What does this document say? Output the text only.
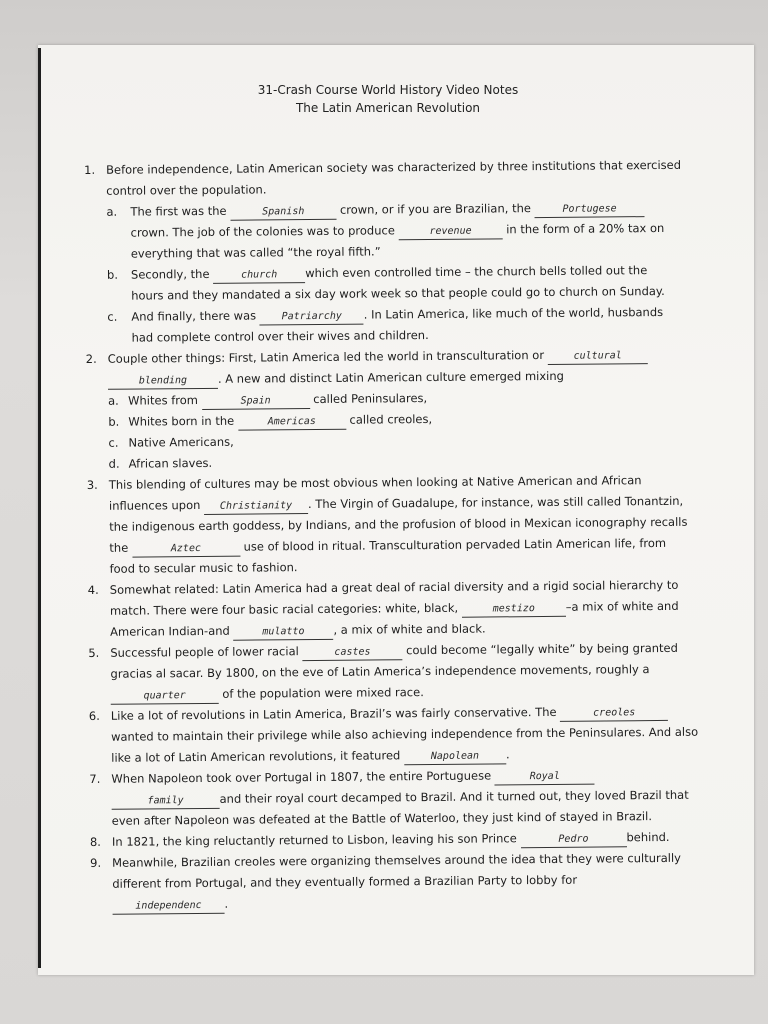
31-Crash Course World History Video Notes
The Latin American Revolution
1. Before independence, Latin American society was characterized by three institutions that exercised
control over the population.
a. The first was the	Spanish	crown, or if you are Brazilian, the	Portugese
crown. The job of the colonies was to produce	revenue	in the form of a 20% tax on
everything that was called “the royal fifth.”
b. Secondly, the	church which even controlled time – the church bells tolled out the
hours and they mandated a six day work week so that people could go to church on Sunday.
c. And finally, there was Patriarchy . In Latin America, like much of the world, husbands
had complete control over their wives and children.
2. Couple other things: First, Latin America led the world in transculturation or	cultural
blending	. A new and distinct Latin American culture emerged mixing
a. Whites from	Spain	called Peninsulares,
b. Whites born in the	Americas	called creoles,
c. Native Americans,
d. African slaves.
3. This blending of cultures may be most obvious when looking at Native American and African
influences upon Christianity . The Virgin of Guadalupe, for instance, was still called Tonantzin,
the indigenous earth goddess, by Indians, and the profusion of blood in Mexican iconography recalls
the	Aztec	use of blood in ritual. Transculturation pervaded Latin American life, from
food to secular music to fashion.
4. Somewhat related: Latin America had a great deal of racial diversity and a rigid social hierarchy to
match. There were four basic racial categories: white, black,	mestizo	–a mix of white and
American Indian-and	mulatto	, a mix of white and black.
5. Successful people of lower racial	castes	could become “legally white” by being granted
gracias al sacar. By 1800, on the eve of Latin America’s independence movements, roughly a
quarter	of the population were mixed race.
6. Like a lot of revolutions in Latin America, Brazil’s was fairly conservative. The	creoles
wanted to maintain their privilege while also achieving independence from the Peninsulares. And also
like a lot of Latin American revolutions, it featured	Napolean .
7. When Napoleon took over Portugal in 1807, the entire Portuguese	Royal
family	and their royal court decamped to Brazil. And it turned out, they loved Brazil that
even after Napoleon was defeated at the Battle of Waterloo, they just kind of stayed in Brazil.
8. In 1821, the king reluctantly returned to Lisbon, leaving his son Prince	Pedro	behind.
9. Meanwhile, Brazilian creoles were organizing themselves around the idea that they were culturally
different from Portugal, and they eventually formed a Brazilian Party to lobby for
independenc .
